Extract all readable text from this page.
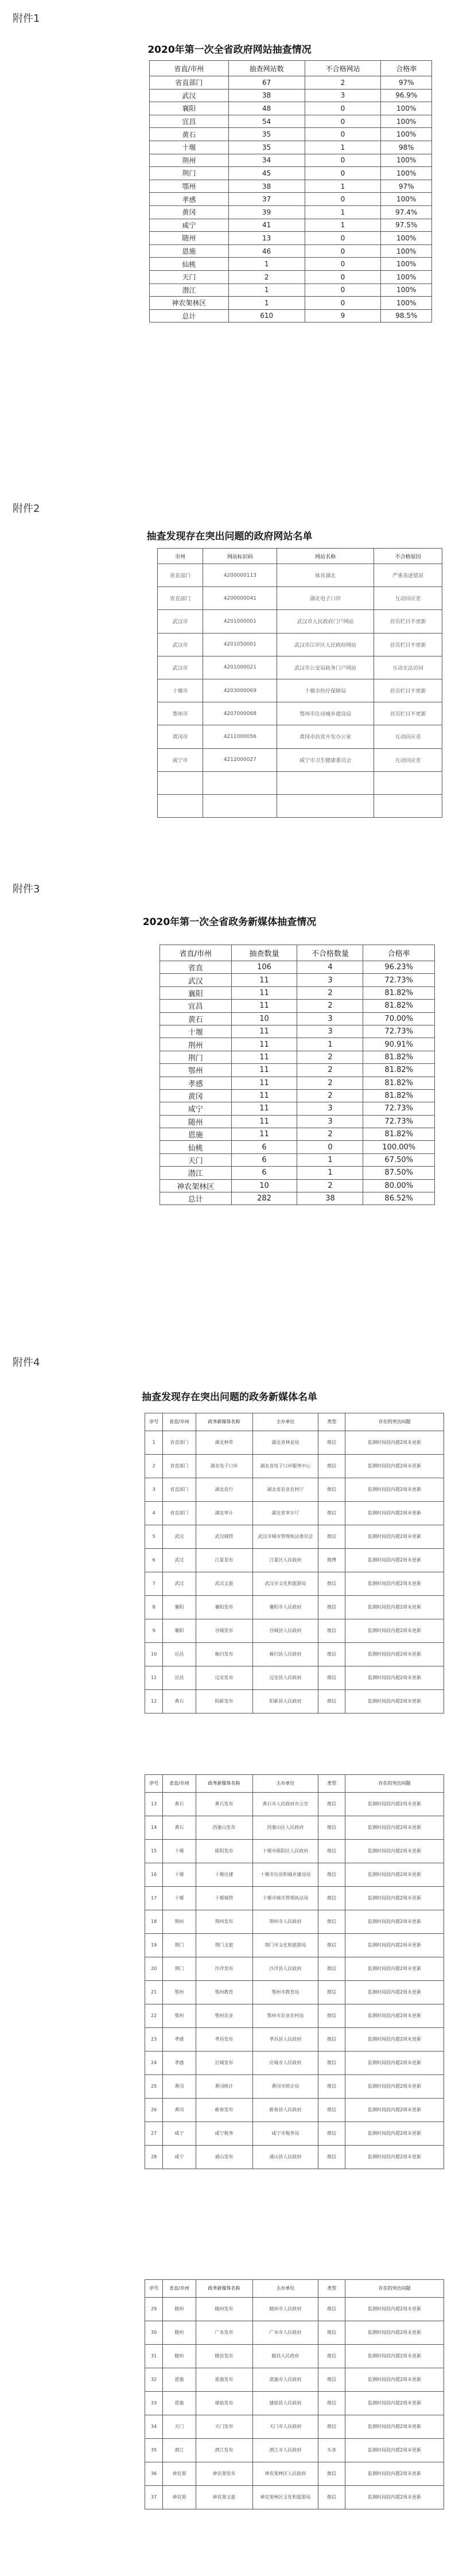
附件1
2020年第一次全省政府网站抽查情况
附件2
抽查发现存在突出问题的政府网站名单
附件3
2020年第一次全省政务新媒体抽查情况
附件4
抽查发现存在突出问题的政务新媒体名单
省直/市州	抽查网站数	不合格网站	合格率
省直部门	67	2	97%
武汉	38	3	96.9%
襄阳	48	0	100%
宜昌	54	0	100%
黄石	35	0	100%
十堰	35	1	98%
荆州	34	0	100%
荆门	45	0	100%
鄂州	38	1	97%
孝感	37	0	100%
黄冈	39	1	97.4%
咸宁	41	1	97.5%
随州	13	0	100%
恩施	46	0	100%
仙桃	1	0	100%
天门	2	0	100%
潜江	1	0	100%
神农架林区	1	0	100%
总计	610	9	98.5%
市州	网站标识码	网站名称	不合格原因
省直部门	4200000113	体育湖北	严重表述错误
省直部门	4200000041	湖北电子口岸	互动回应差
武汉市	4201000001	武汉市人民政府门户网站	首页栏目不更新
武汉市	4201050001	武汉市江岸区人民政府网站	首页栏目不更新
武汉市	4201000021	武汉市公安局政务门户网站	互动无法访问
十堰市	4203000069	十堰市医疗保障局	首页栏目不更新
鄂州市	4207000068	鄂州市住房城乡建设局	首页栏目不更新
黄冈市	4211000056	黄冈市扶贫开发办公室	互动回应差
咸宁市	4212000027	咸宁市卫生健康委员会	互动回应差

省直/市州	抽查数量	不合格数量	合格率
省直	106	4	96.23%
武汉	11	3	72.73%
襄阳	11	2	81.82%
宜昌	11	2	81.82%
黄石	10	3	70.00%
十堰	11	3	72.73%
荆州	11	1	90.91%
荆门	11	2	81.82%
鄂州	11	2	81.82%
孝感	11	2	81.82%
黄冈	11	2	81.82%
咸宁	11	3	72.73%
随州	11	3	72.73%
恩施	11	2	81.82%
仙桃	6	0	100.00%
天门	6	1	67.50%
潜江	6	1	87.50%
神农架林区	10	2	80.00%
总计	282	38	86.52%
序号	省直/市州	政务新媒体名称	主办单位	类型	存在的突出问题
1	省直部门	湖北林草	湖北省林业局	微信	监测时间段内超2周未更新
2	省直部门	湖北电子口岸	湖北省电子口岸服务中心	微信	监测时间段内超2周未更新
3	省直部门	湖北农行	湖北省农业农村厅	微信	监测时间段内超2周未更新
4	省直部门	湖北审计	湖北省审计厅	微信	监测时间段内超2周未更新
5	武汉	武汉城管	武汉市城市管理执法委员会	微信	监测时间段内超2周未更新
6	武汉	江夏发布	江夏区人民政府	微博	监测时间段内超2周未更新
7	武汉	武汉文旅	武汉市文化和旅游局	微信	监测时间段内超2周未更新
8	襄阳	襄阳发布	襄阳市人民政府	微信	监测时间段内超2周未更新
9	襄阳	谷城发布	谷城县人民政府	微信	监测时间段内超2周未更新
10	宜昌	秭归发布	秭归县人民政府	微信	监测时间段内超2周未更新
11	宜昌	远安发布	远安县人民政府	微信	监测时间段内超2周未更新
12	黄石	阳新发布	阳新县人民政府	微信	监测时间段内超2周未更新
序号	省直/市州	政务新媒体名称	主办单位	类型	存在的突出问题
13	黄石	黄石发布	黄石市人民政府办公室	微信	监测时间段内超2周未更新
14	黄石	西塞山发布	西塞山区人民政府	微信	监测时间段内超2周未更新
15	十堰	郧阳发布	十堰市郧阳区人民政府	微信	监测时间段内超2周未更新
16	十堰	十堰住建	十堰市住房和城乡建设局	微信	监测时间段内超2周未更新
17	十堰	十堰城管	十堰市城市管理执法局	微信	监测时间段内超2周未更新
18	荆州	荆州发布	荆州市人民政府	微信	监测时间段内超2周未更新
19	荆门	荆门文旅	荆门市文化和旅游局	微信	监测时间段内超2周未更新
20	荆门	沙洋发布	沙洋县人民政府	微信	监测时间段内超2周未更新
21	鄂州	鄂州教育	鄂州市教育局	微信	监测时间段内超2周未更新
22	鄂州	鄂州农业	鄂州市农业农村局	微信	监测时间段内超2周未更新
23	孝感	孝昌发布	孝昌县人民政府	微信	监测时间段内超2周未更新
24	孝感	应城发布	应城市人民政府	微信	监测时间段内超2周未更新
25	黄冈	黄冈统计	黄冈市统计局	微信	监测时间段内超2周未更新
26	黄冈	蕲春发布	蕲春县人民政府	微信	监测时间段内超2周未更新
27	咸宁	咸宁税务	咸宁市税务局	微信	监测时间段内超2周未更新
28	咸宁	通山发布	通山县人民政府	微信	监测时间段内超2周未更新
序号	省直/市州	政务新媒体名称	主办单位	类型	存在的突出问题
29	随州	随州发布	随州市人民政府	微信	监测时间段内超2周未更新
30	随州	广水发布	广水市人民政府	微信	监测时间段内超2周未更新
31	随州	随县发布	随县人民政府	微信	监测时间段内超2周未更新
32	恩施	恩施发布	恩施市人民政府	微信	监测时间段内超2周未更新
33	恩施	建始发布	建始县人民政府	微信	监测时间段内超2周未更新
34	天门	天门发布	天门市人民政府	微信	监测时间段内超2周未更新
35	潜江	潜江发布	潜江市人民政府	头条	监测时间段内超2周未更新
36	神农架	神农架发布	神农架林区人民政府	微信	监测时间段内超2周未更新
37	神农架	神农架文旅	神农架林区文化和旅游局	微信	监测时间段内超2周未更新
